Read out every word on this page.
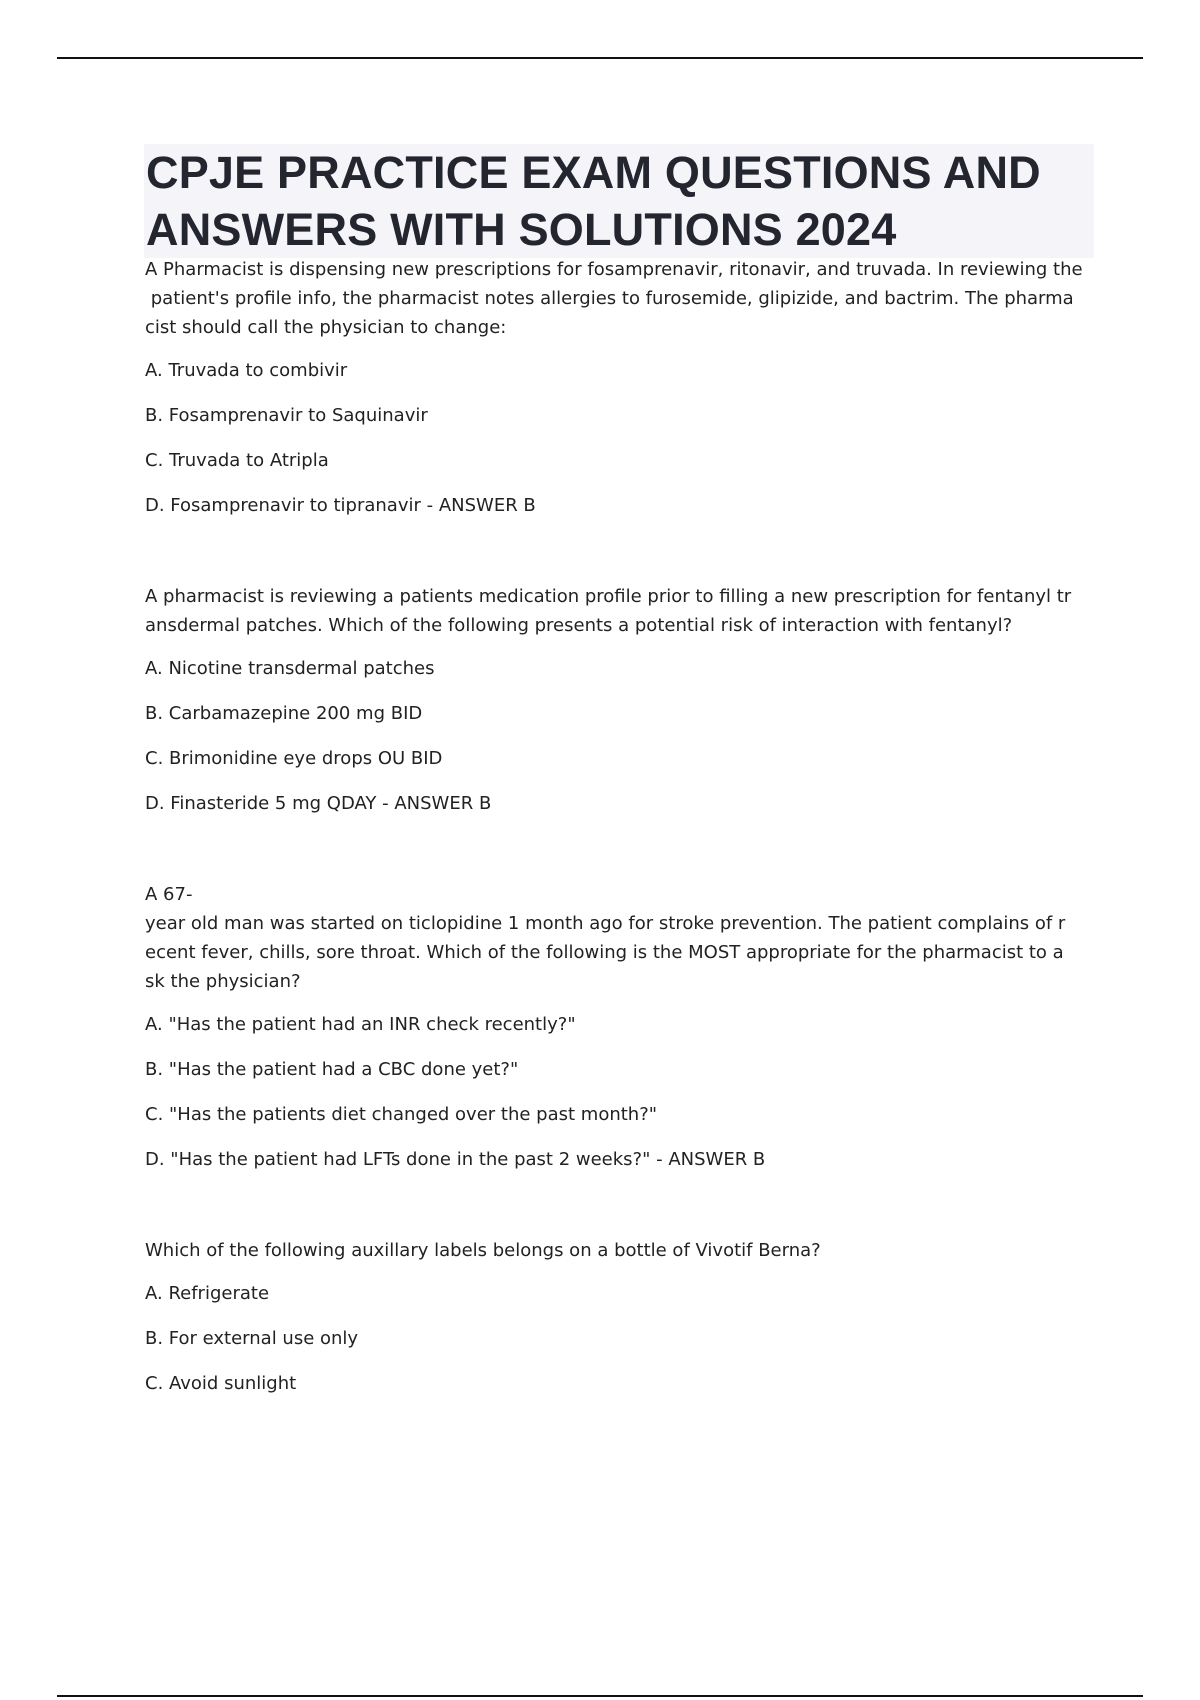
CPJE PRACTICE EXAM QUESTIONS AND ANSWERS WITH SOLUTIONS 2024

A Pharmacist is dispensing new prescriptions for fosamprenavir, ritonavir, and truvada. In reviewing the
patient's profile info, the pharmacist notes allergies to furosemide, glipizide, and bactrim. The pharma
cist should call the physician to change:

A. Truvada to combivir

B. Fosamprenavir to Saquinavir

C. Truvada to Atripla

D. Fosamprenavir to tipranavir - ANSWER B

A pharmacist is reviewing a patients medication profile prior to filling a new prescription for fentanyl tr
ansdermal patches. Which of the following presents a potential risk of interaction with fentanyl?

A. Nicotine transdermal patches

B. Carbamazepine 200 mg BID

C. Brimonidine eye drops OU BID

D. Finasteride 5 mg QDAY - ANSWER B

A 67-
year old man was started on ticlopidine 1 month ago for stroke prevention. The patient complains of r
ecent fever, chills, sore throat. Which of the following is the MOST appropriate for the pharmacist to a
sk the physician?

A. "Has the patient had an INR check recently?"

B. "Has the patient had a CBC done yet?"

C. "Has the patients diet changed over the past month?"

D. "Has the patient had LFTs done in the past 2 weeks?" - ANSWER B

Which of the following auxillary labels belongs on a bottle of Vivotif Berna?

A. Refrigerate

B. For external use only

C. Avoid sunlight
